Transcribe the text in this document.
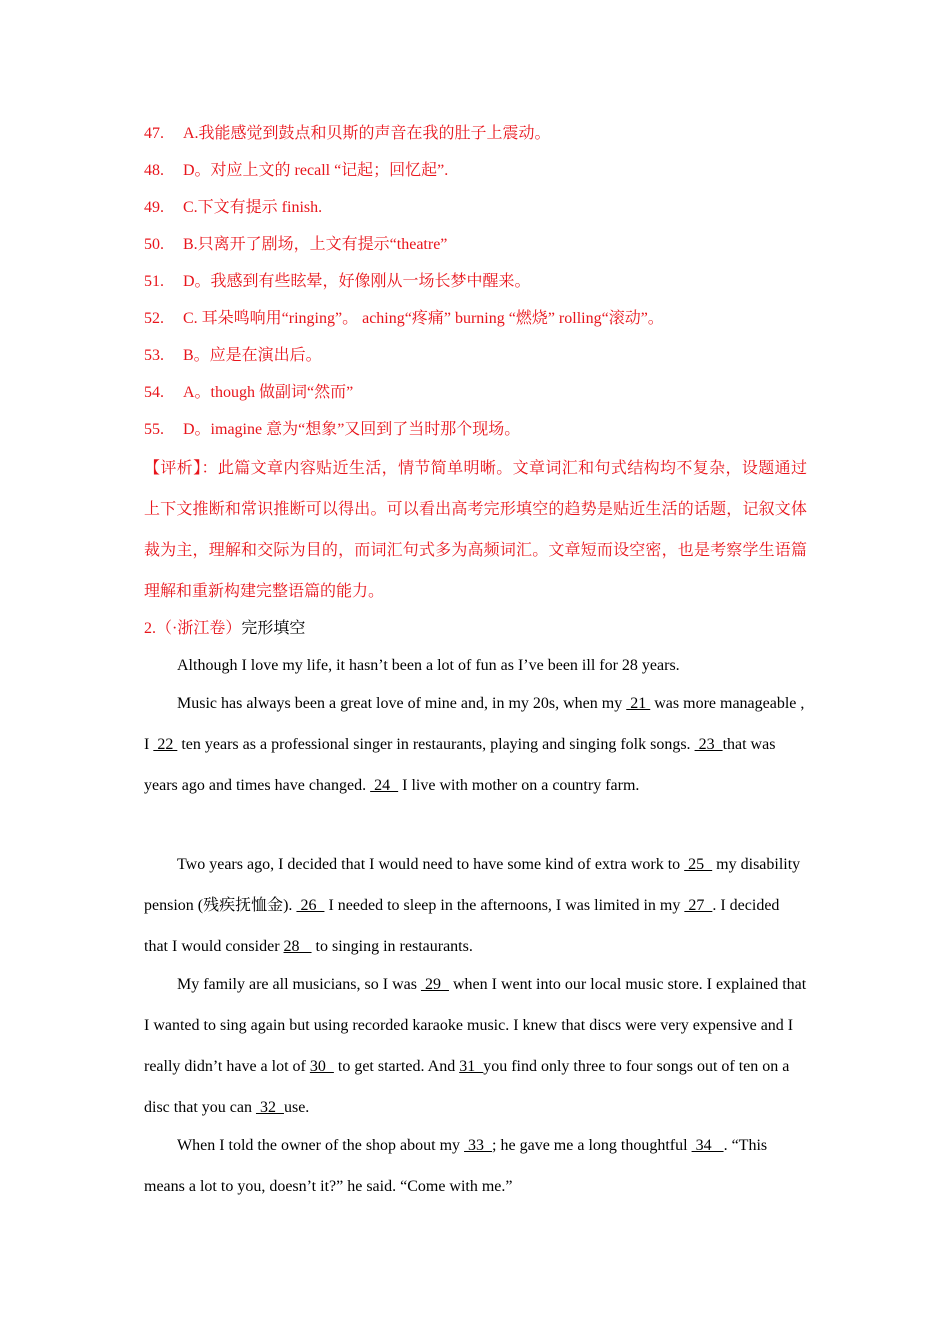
47. A.我能感觉到鼓点和贝斯的声音在我的肚子上震动。
48. D。对应上文的 recall “记起；回忆起”.
49. C.下文有提示 finish.
50. B.只离开了剧场，上文有提示“theatre”
51. D。我感到有些眩晕，好像刚从一场长梦中醒来。
52. C. 耳朵鸣响用“ringing”。 aching“疼痛” burning “燃烧” rolling“滚动”。
53. B。应是在演出后。
54. A。though 做副词“然而”
55. D。imagine 意为“想象”又回到了当时那个现场。
【评析】：此篇文章内容贴近生活，情节简单明晰。文章词汇和句式结构均不复杂，设题通过上下文推断和常识推断可以得出。可以看出高考完形填空的趋势是贴近生活的话题，记叙文体裁为主，理解和交际为目的，而词汇句式多为高频词汇。文章短而设空密，也是考察学生语篇理解和重新构建完整语篇的能力。
2.（·浙江卷）完形填空
Although I love my life, it hasn’t been a lot of fun as I’ve been ill for 28 years.
Music has always been a great love of mine and, in my 20s, when my  21  was more manageable , I  22  ten years as a professional singer in restaurants, playing and singing folk songs.  23  that was years ago and times have changed.  24   I live with mother on a country farm.
Two years ago, I decided that I would need to have some kind of extra work to  25   my disability pension (残疾抚恤金).  26   I needed to sleep in the afternoons, I was limited in my  27  . I decided that I would consider 28    to singing in restaurants.
My family are all musicians, so I was  29   when I went into our local music store. I explained that I wanted to sing again but using recorded karaoke music. I knew that discs were very expensive and I really didn’t have a lot of 30   to get started. And 31  you find only three to four songs out of ten on a disc that you can  32  use.
When I told the owner of the shop about my  33  ; he gave me a long thoughtful  34   . “This means a lot to you, doesn’t it?” he said. “Come with me.”
